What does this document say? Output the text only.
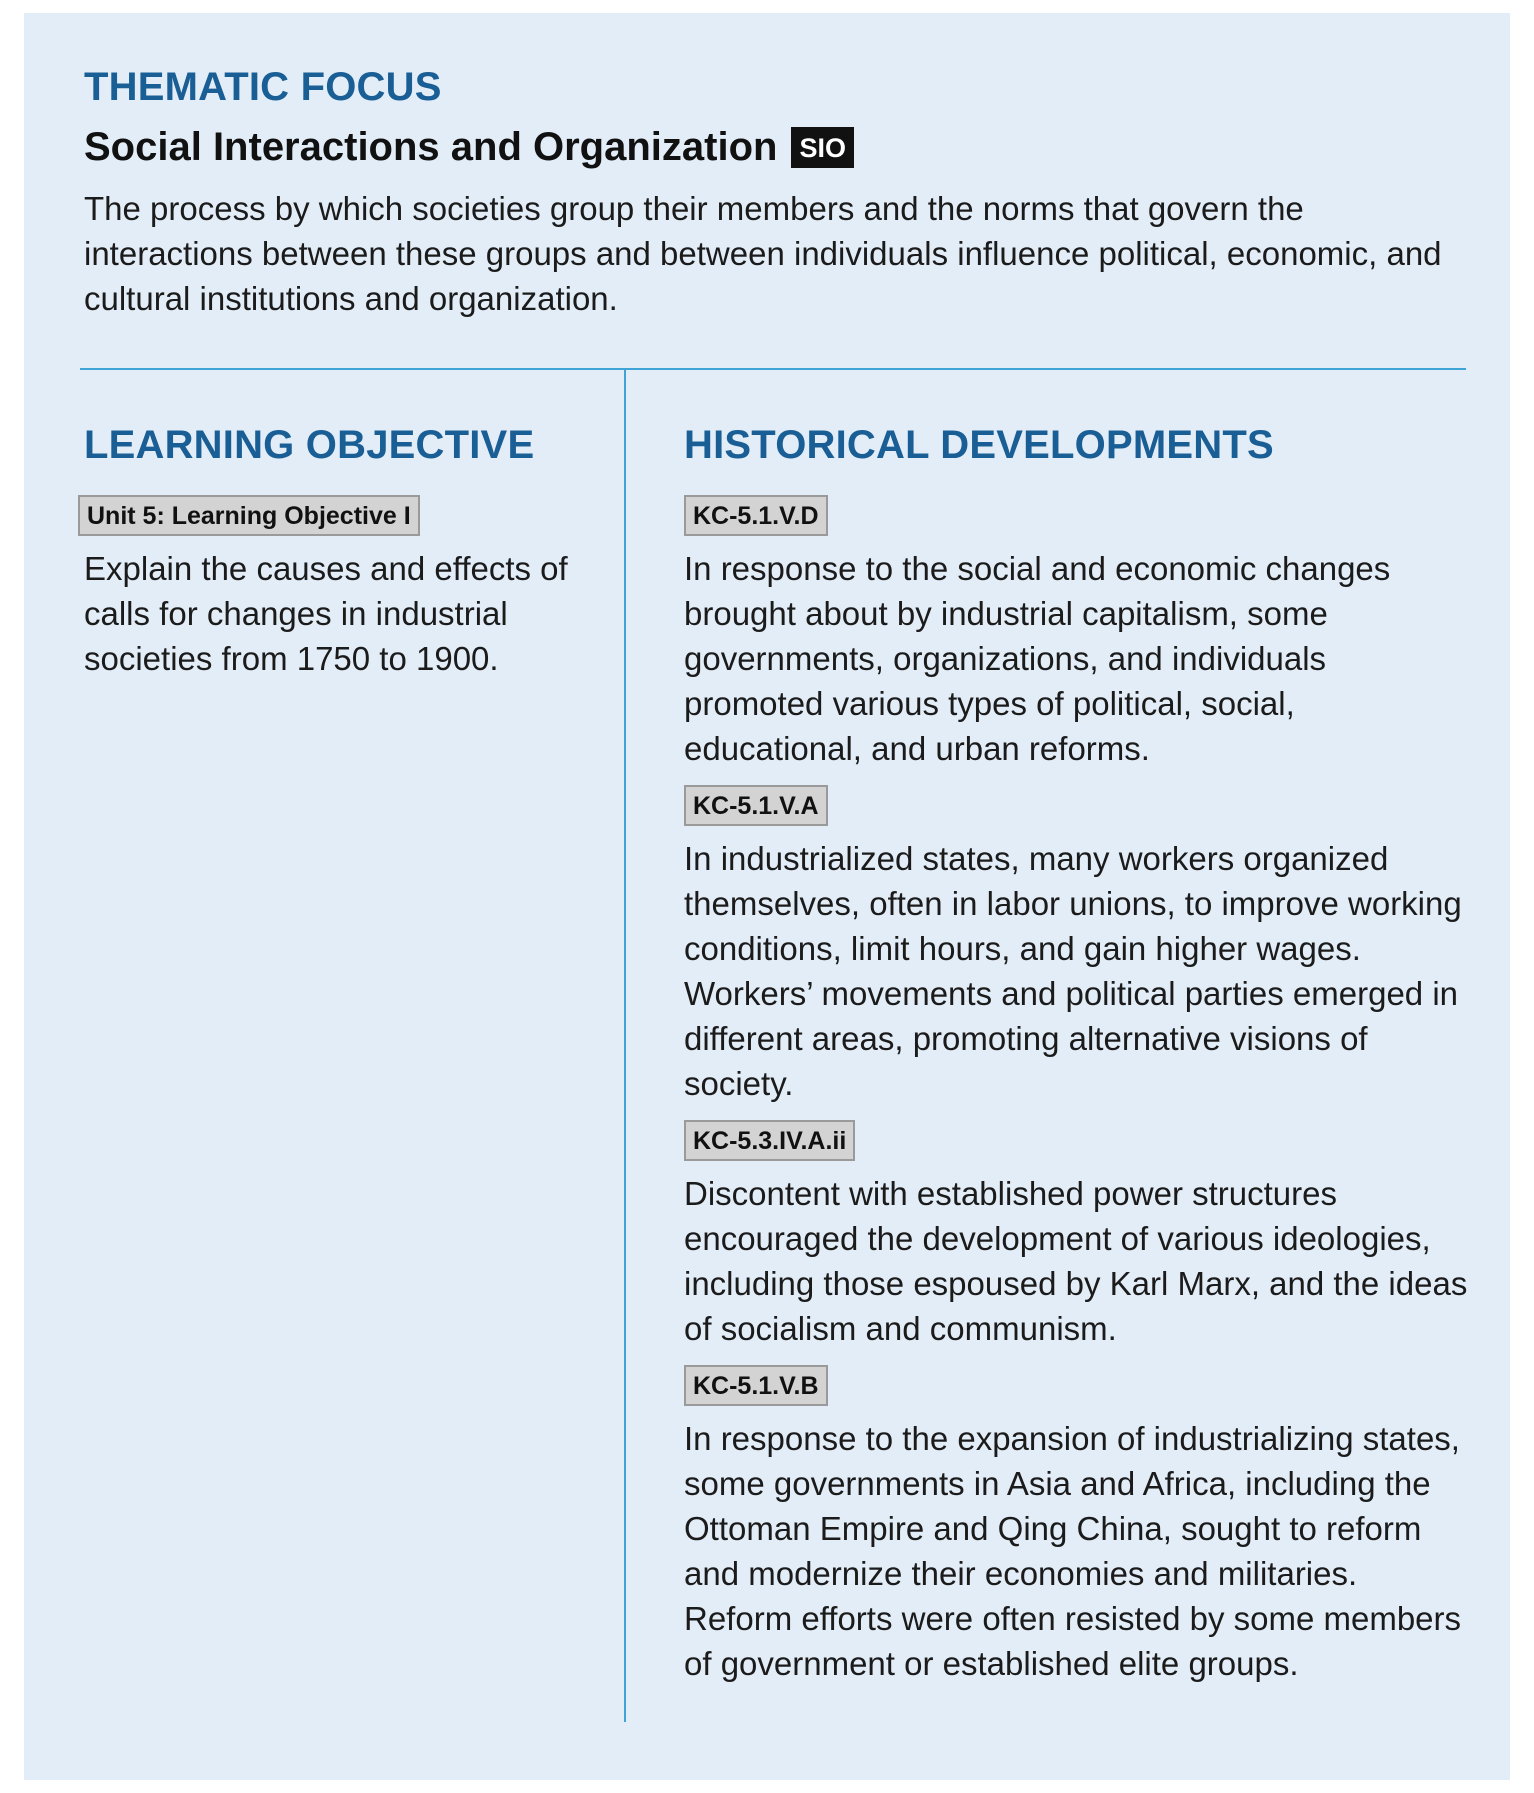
THEMATIC FOCUS
Social Interactions and Organization SIO

The process by which societies group their members and the norms that govern the interactions between these groups and between individuals influence political, economic, and cultural institutions and organization.

LEARNING OBJECTIVE	HISTORICAL DEVELOPMENTS
Unit 5: Learning Objective I

Explain the causes and effects of calls for changes in industrial societies from 1750 to 1900.

KC-5.1.V.D

In response to the social and economic changes brought about by industrial capitalism, some governments, organizations, and individuals promoted various types of political, social, educational, and urban reforms.

KC-5.1.V.A

In industrialized states, many workers organized themselves, often in labor unions, to improve working conditions, limit hours, and gain higher wages. Workers’ movements and political parties emerged in different areas, promoting alternative visions of society.

KC-5.3.IV.A.ii

Discontent with established power structures encouraged the development of various ideologies, including those espoused by Karl Marx, and the ideas of socialism and communism.

KC-5.1.V.B

In response to the expansion of industrializing states, some governments in Asia and Africa, including the Ottoman Empire and Qing China, sought to reform and modernize their economies and militaries. Reform efforts were often resisted by some members of government or established elite groups.
